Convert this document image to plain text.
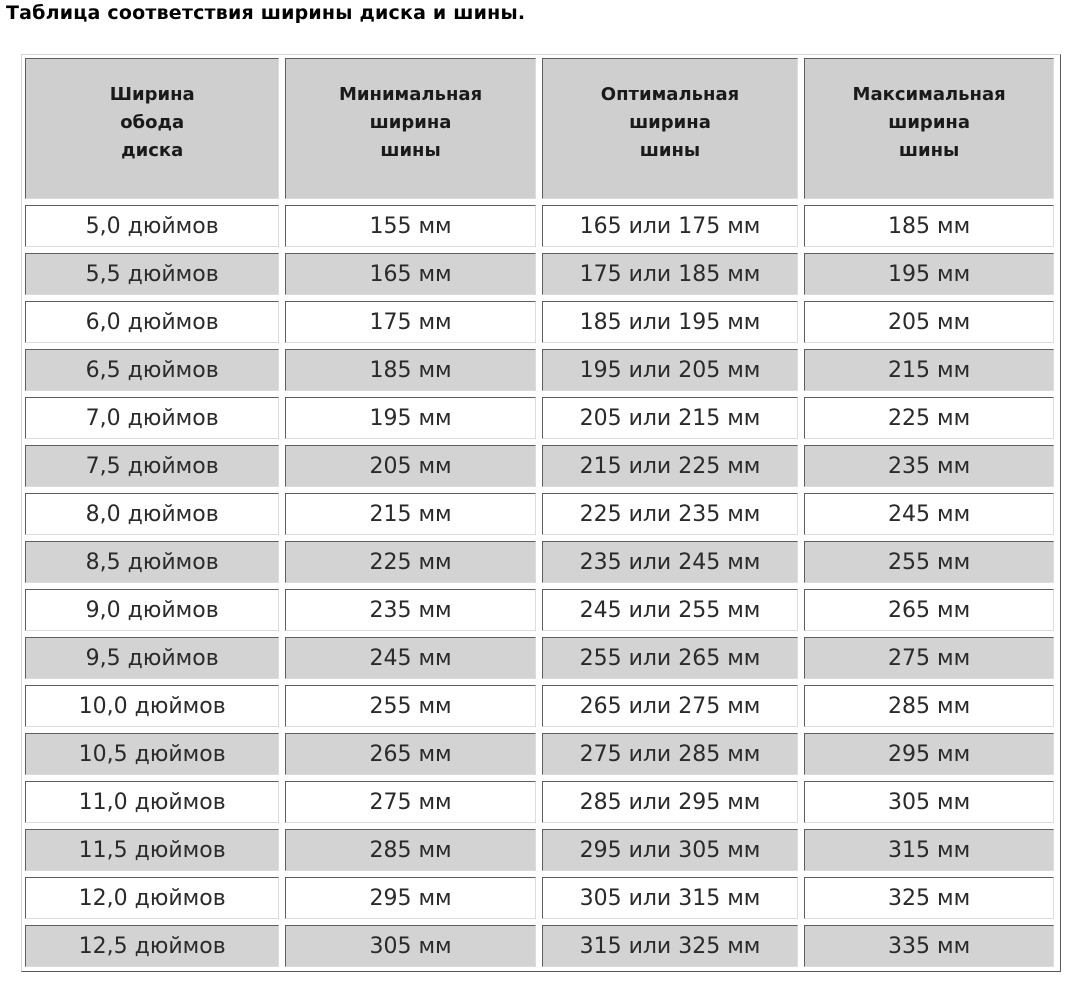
Таблица соответствия ширины диска и шины.
Ширина
обода
диска	Минимальная
ширина
шины	Оптимальная
ширина
шины	Максимальная
ширина
шины
5,0 дюймов	155 мм	165 или 175 мм	185 мм
5,5 дюймов	165 мм	175 или 185 мм	195 мм
6,0 дюймов	175 мм	185 или 195 мм	205 мм
6,5 дюймов	185 мм	195 или 205 мм	215 мм
7,0 дюймов	195 мм	205 или 215 мм	225 мм
7,5 дюймов	205 мм	215 или 225 мм	235 мм
8,0 дюймов	215 мм	225 или 235 мм	245 мм
8,5 дюймов	225 мм	235 или 245 мм	255 мм
9,0 дюймов	235 мм	245 или 255 мм	265 мм
9,5 дюймов	245 мм	255 или 265 мм	275 мм
10,0 дюймов	255 мм	265 или 275 мм	285 мм
10,5 дюймов	265 мм	275 или 285 мм	295 мм
11,0 дюймов	275 мм	285 или 295 мм	305 мм
11,5 дюймов	285 мм	295 или 305 мм	315 мм
12,0 дюймов	295 мм	305 или 315 мм	325 мм
12,5 дюймов	305 мм	315 или 325 мм	335 мм
